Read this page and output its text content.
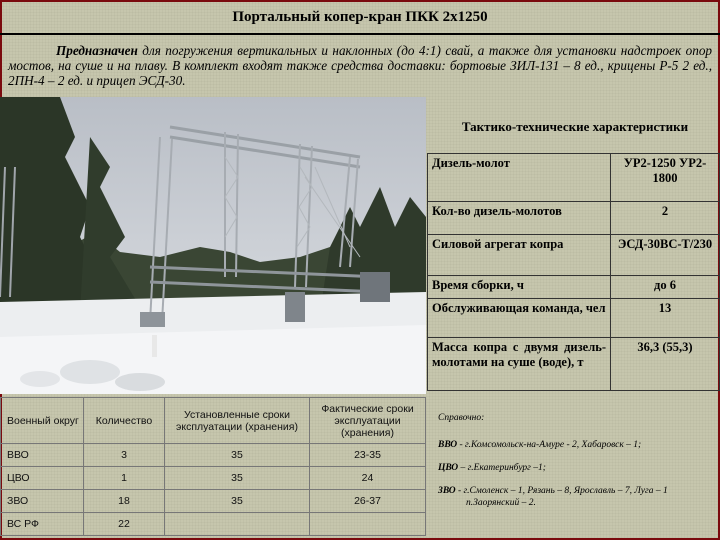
Портальный копер-кран ПКК 2х1250
Предназначен для погружения вертикальных и наклонных (до 4:1) свай, а также для установки надстроек опор мостов, на суше и на плаву. В комплект входят также средства доставки: бортовые ЗИЛ-131 – 8 ед., крицены Р-5 2 ед., 2ПН-4 – 2 ед. и прицеп ЭСД-30.
Тактико-технические характеристики
Дизель-молот	УР2-1250 УР2-1800
Кол-во дизель-молотов	2
Силовой агрегат копра	ЭСД-30ВС-Т/230
Время сборки, ч	до 6
Обслуживающая команда, чел	13
Масса копра с двумя дизель-молотами на суше (воде), т	36,3 (55,3)
Военный округ	Количество	Установленные сроки эксплуатации (хранения)	Фактические сроки эксплуатации (хранения)
ВВО	3	35	23-35
ЦВО	1	35	24
ЗВО	18	35	26-37
ВС РФ	22		
Справочно:
ВВО - г.Комсомольск-на-Амуре - 2, Хабаровск – 1;
ЦВО – г.Екатеринбург –1;
ЗВО - г.Смоленск – 1, Рязань – 8, Ярославль – 7, Луга – 1 п.Заорянский – 2.
